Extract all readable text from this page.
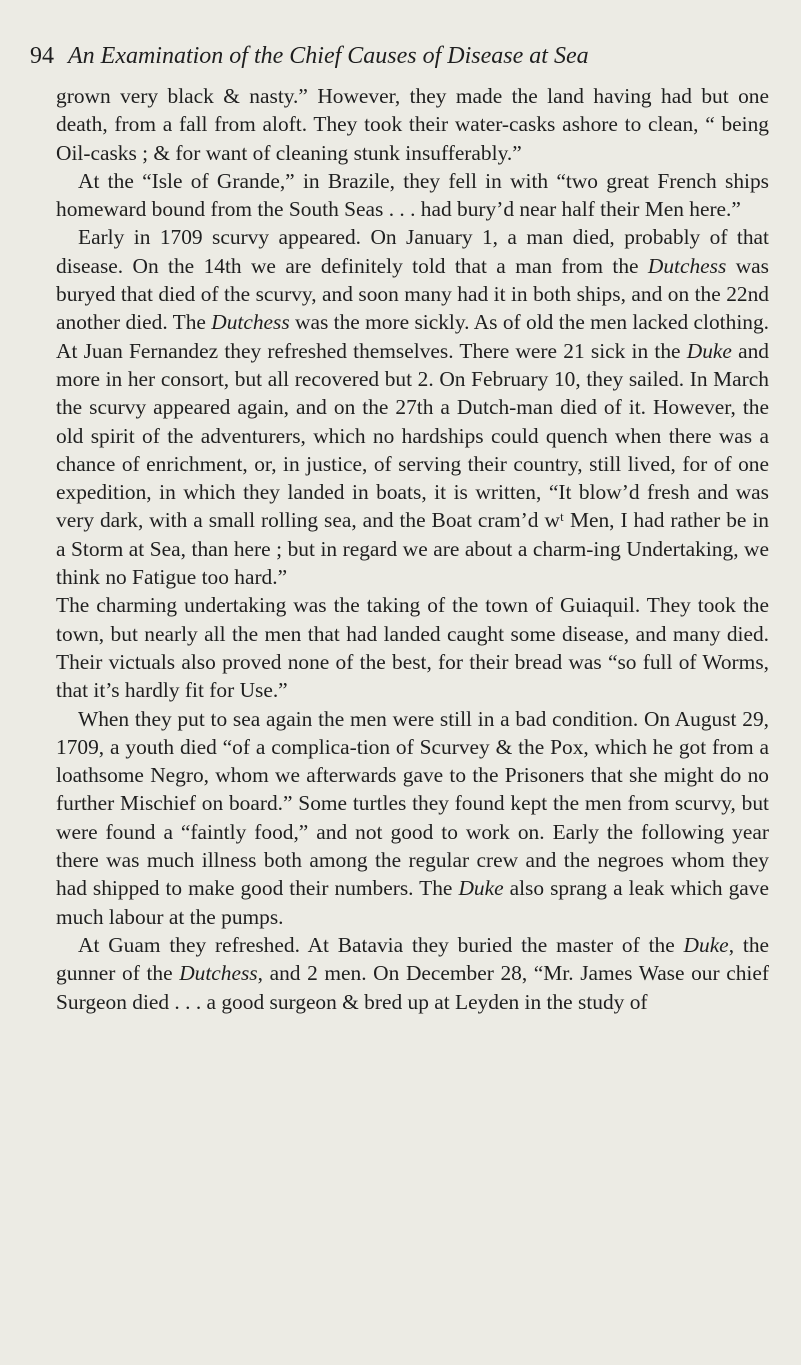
94 An Examination of the Chief Causes of Disease at Sea

grown very black & nasty.” However, they made the land having had but one death, from a fall from aloft. They took their water-casks ashore to clean, “ being Oil-casks ; & for want of cleaning stunk insufferably.”

At the “Isle of Grande,” in Brazile, they fell in with “two great French ships homeward bound from the South Seas . . . had bury’d near half their Men here.”

Early in 1709 scurvy appeared. On January 1, a man died, probably of that disease. On the 14th we are definitely told that a man from the Dutchess was buryed that died of the scurvy, and soon many had it in both ships, and on the 22nd another died. The Dutchess was the more sickly. As of old the men lacked clothing. At Juan Fernandez they refreshed themselves. There were 21 sick in the Duke and more in her consort, but all recovered but 2. On February 10, they sailed. In March the scurvy appeared again, and on the 27th a Dutch-man died of it. However, the old spirit of the adventurers, which no hardships could quench when there was a chance of enrichment, or, in justice, of serving their country, still lived, for of one expedition, in which they landed in boats, it is written, “It blow’d fresh and was very dark, with a small rolling sea, and the Boat cram’d wᵗ Men, I had rather be in a Storm at Sea, than here ; but in regard we are about a charm-ing Undertaking, we think no Fatigue too hard.”

The charming undertaking was the taking of the town of Guiaquil. They took the town, but nearly all the men that had landed caught some disease, and many died. Their victuals also proved none of the best, for their bread was “so full of Worms, that it’s hardly fit for Use.”

When they put to sea again the men were still in a bad condition. On August 29, 1709, a youth died “of a complica-tion of Scurvey & the Pox, which he got from a loathsome Negro, whom we afterwards gave to the Prisoners that she might do no further Mischief on board.” Some turtles they found kept the men from scurvy, but were found a “faintly food,” and not good to work on. Early the following year there was much illness both among the regular crew and the negroes whom they had shipped to make good their numbers. The Duke also sprang a leak which gave much labour at the pumps.

At Guam they refreshed. At Batavia they buried the master of the Duke, the gunner of the Dutchess, and 2 men. On December 28, “Mr. James Wase our chief Surgeon died . . . a good surgeon & bred up at Leyden in the study of
